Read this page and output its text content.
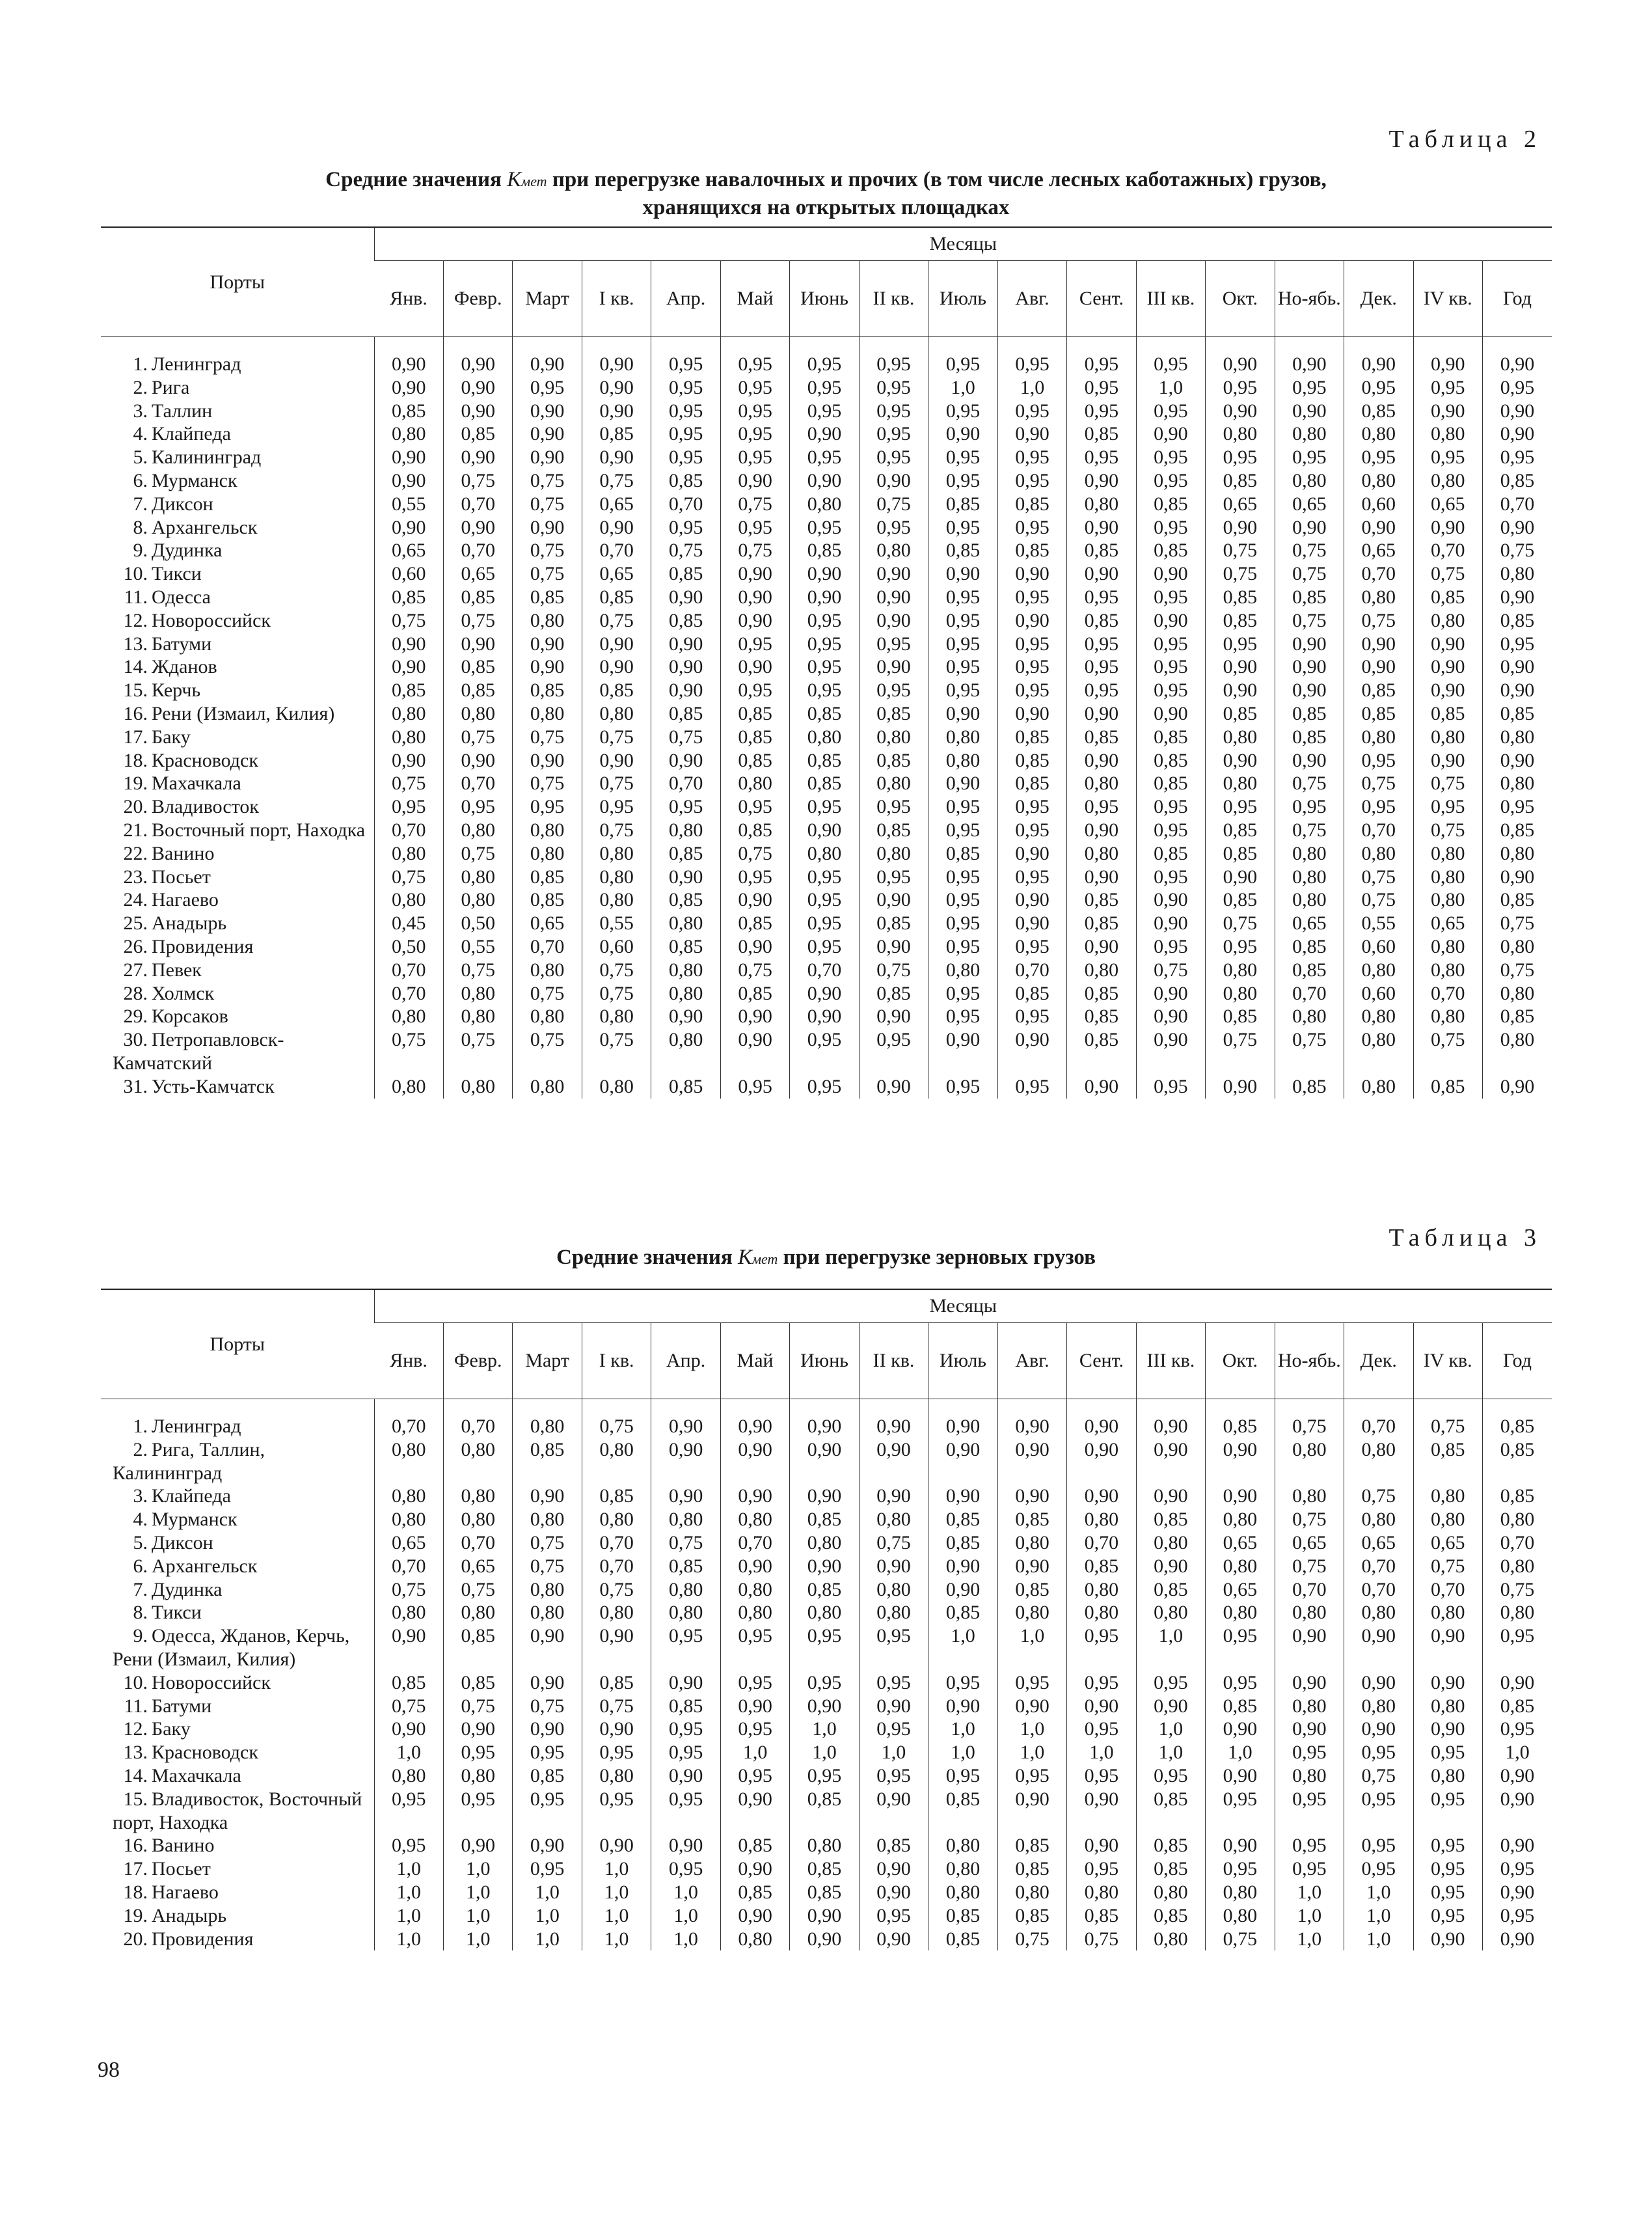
Таблица 2
Средние значения Kмет при перегрузке навалочных и прочих (в том числе лесных каботажных) грузов,
хранящихся на открытых площадках
Порты	Месяцы																
	Янв.	Февр.	Март	I кв.	Апр.	Май	Июнь	II кв.	Июль	Авг.	Сент.	III кв.	Окт.	Но-ябь.	Дек.	IV кв.	Год
1. Ленинград	0,90	0,90	0,90	0,90	0,95	0,95	0,95	0,95	0,95	0,95	0,95	0,95	0,90	0,90	0,90	0,90	0,90
2. Рига	0,90	0,90	0,95	0,90	0,95	0,95	0,95	0,95	1,0	1,0	0,95	1,0	0,95	0,95	0,95	0,95	0,95
3. Таллин	0,85	0,90	0,90	0,90	0,95	0,95	0,95	0,95	0,95	0,95	0,95	0,95	0,90	0,90	0,85	0,90	0,90
4. Клайпеда	0,80	0,85	0,90	0,85	0,95	0,95	0,90	0,95	0,90	0,90	0,85	0,90	0,80	0,80	0,80	0,80	0,90
5. Калининград	0,90	0,90	0,90	0,90	0,95	0,95	0,95	0,95	0,95	0,95	0,95	0,95	0,95	0,95	0,95	0,95	0,95
6. Мурманск	0,90	0,75	0,75	0,75	0,85	0,90	0,90	0,90	0,95	0,95	0,90	0,95	0,85	0,80	0,80	0,80	0,85
7. Диксон	0,55	0,70	0,75	0,65	0,70	0,75	0,80	0,75	0,85	0,85	0,80	0,85	0,65	0,65	0,60	0,65	0,70
8. Архангельск	0,90	0,90	0,90	0,90	0,95	0,95	0,95	0,95	0,95	0,95	0,90	0,95	0,90	0,90	0,90	0,90	0,90
9. Дудинка	0,65	0,70	0,75	0,70	0,75	0,75	0,85	0,80	0,85	0,85	0,85	0,85	0,75	0,75	0,65	0,70	0,75
10. Тикси	0,60	0,65	0,75	0,65	0,85	0,90	0,90	0,90	0,90	0,90	0,90	0,90	0,75	0,75	0,70	0,75	0,80
11. Одесса	0,85	0,85	0,85	0,85	0,90	0,90	0,90	0,90	0,95	0,95	0,95	0,95	0,85	0,85	0,80	0,85	0,90
12. Новороссийск	0,75	0,75	0,80	0,75	0,85	0,90	0,95	0,90	0,95	0,90	0,85	0,90	0,85	0,75	0,75	0,80	0,85
13. Батуми	0,90	0,90	0,90	0,90	0,90	0,95	0,95	0,95	0,95	0,95	0,95	0,95	0,95	0,90	0,90	0,90	0,95
14. Жданов	0,90	0,85	0,90	0,90	0,90	0,90	0,95	0,90	0,95	0,95	0,95	0,95	0,90	0,90	0,90	0,90	0,90
15. Керчь	0,85	0,85	0,85	0,85	0,90	0,95	0,95	0,95	0,95	0,95	0,95	0,95	0,90	0,90	0,85	0,90	0,90
16. Рени (Измаил, Килия)	0,80	0,80	0,80	0,80	0,85	0,85	0,85	0,85	0,90	0,90	0,90	0,90	0,85	0,85	0,85	0,85	0,85
17. Баку	0,80	0,75	0,75	0,75	0,75	0,85	0,80	0,80	0,80	0,85	0,85	0,85	0,80	0,85	0,80	0,80	0,80
18. Красноводск	0,90	0,90	0,90	0,90	0,90	0,85	0,85	0,85	0,80	0,85	0,90	0,85	0,90	0,90	0,95	0,90	0,90
19. Махачкала	0,75	0,70	0,75	0,75	0,70	0,80	0,85	0,80	0,90	0,85	0,80	0,85	0,80	0,75	0,75	0,75	0,80
20. Владивосток	0,95	0,95	0,95	0,95	0,95	0,95	0,95	0,95	0,95	0,95	0,95	0,95	0,95	0,95	0,95	0,95	0,95
21. Восточный порт, Находка	0,70	0,80	0,80	0,75	0,80	0,85	0,90	0,85	0,95	0,95	0,90	0,95	0,85	0,75	0,70	0,75	0,85
22. Ванино	0,80	0,75	0,80	0,80	0,85	0,75	0,80	0,80	0,85	0,90	0,80	0,85	0,85	0,80	0,80	0,80	0,80
23. Посьет	0,75	0,80	0,85	0,80	0,90	0,95	0,95	0,95	0,95	0,95	0,90	0,95	0,90	0,80	0,75	0,80	0,90
24. Нагаево	0,80	0,80	0,85	0,80	0,85	0,90	0,95	0,90	0,95	0,90	0,85	0,90	0,85	0,80	0,75	0,80	0,85
25. Анадырь	0,45	0,50	0,65	0,55	0,80	0,85	0,95	0,85	0,95	0,90	0,85	0,90	0,75	0,65	0,55	0,65	0,75
26. Провидения	0,50	0,55	0,70	0,60	0,85	0,90	0,95	0,90	0,95	0,95	0,90	0,95	0,95	0,85	0,60	0,80	0,80
27. Певек	0,70	0,75	0,80	0,75	0,80	0,75	0,70	0,75	0,80	0,70	0,80	0,75	0,80	0,85	0,80	0,80	0,75
28. Холмск	0,70	0,80	0,75	0,75	0,80	0,85	0,90	0,85	0,95	0,85	0,85	0,90	0,80	0,70	0,60	0,70	0,80
29. Корсаков	0,80	0,80	0,80	0,80	0,90	0,90	0,90	0,90	0,95	0,95	0,85	0,90	0,85	0,80	0,80	0,80	0,85
30. Петропавловск-Камчатский	0,75	0,75	0,75	0,75	0,80	0,90	0,95	0,95	0,90	0,90	0,85	0,90	0,75	0,75	0,80	0,75	0,80
31. Усть-Камчатск	0,80	0,80	0,80	0,80	0,85	0,95	0,95	0,90	0,95	0,95	0,90	0,95	0,90	0,85	0,80	0,85	0,90
Таблица 3
Средние значения Kмет при перегрузке зерновых грузов
Порты	Месяцы																
	Янв.	Февр.	Март	I кв.	Апр.	Май	Июнь	II кв.	Июль	Авг.	Сент.	III кв.	Окт.	Но-ябь.	Дек.	IV кв.	Год
1. Ленинград	0,70	0,70	0,80	0,75	0,90	0,90	0,90	0,90	0,90	0,90	0,90	0,90	0,85	0,75	0,70	0,75	0,85
2. Рига, Таллин, Калининград	0,80	0,80	0,85	0,80	0,90	0,90	0,90	0,90	0,90	0,90	0,90	0,90	0,90	0,80	0,80	0,85	0,85
3. Клайпеда	0,80	0,80	0,90	0,85	0,90	0,90	0,90	0,90	0,90	0,90	0,90	0,90	0,90	0,80	0,75	0,80	0,85
4. Мурманск	0,80	0,80	0,80	0,80	0,80	0,80	0,85	0,80	0,85	0,85	0,80	0,85	0,80	0,75	0,80	0,80	0,80
5. Диксон	0,65	0,70	0,75	0,70	0,75	0,70	0,80	0,75	0,85	0,80	0,70	0,80	0,65	0,65	0,65	0,65	0,70
6. Архангельск	0,70	0,65	0,75	0,70	0,85	0,90	0,90	0,90	0,90	0,90	0,85	0,90	0,80	0,75	0,70	0,75	0,80
7. Дудинка	0,75	0,75	0,80	0,75	0,80	0,80	0,85	0,80	0,90	0,85	0,80	0,85	0,65	0,70	0,70	0,70	0,75
8. Тикси	0,80	0,80	0,80	0,80	0,80	0,80	0,80	0,80	0,85	0,80	0,80	0,80	0,80	0,80	0,80	0,80	0,80
9. Одесса, Жданов, Керчь, Рени (Измаил, Килия)	0,90	0,85	0,90	0,90	0,95	0,95	0,95	0,95	1,0	1,0	0,95	1,0	0,95	0,90	0,90	0,90	0,95
10. Новороссийск	0,85	0,85	0,90	0,85	0,90	0,95	0,95	0,95	0,95	0,95	0,95	0,95	0,95	0,90	0,90	0,90	0,90
11. Батуми	0,75	0,75	0,75	0,75	0,85	0,90	0,90	0,90	0,90	0,90	0,90	0,90	0,85	0,80	0,80	0,80	0,85
12. Баку	0,90	0,90	0,90	0,90	0,95	0,95	1,0	0,95	1,0	1,0	0,95	1,0	0,90	0,90	0,90	0,90	0,95
13. Красноводск	1,0	0,95	0,95	0,95	0,95	1,0	1,0	1,0	1,0	1,0	1,0	1,0	1,0	0,95	0,95	0,95	1,0
14. Махачкала	0,80	0,80	0,85	0,80	0,90	0,95	0,95	0,95	0,95	0,95	0,95	0,95	0,90	0,80	0,75	0,80	0,90
15. Владивосток, Восточный порт, Находка	0,95	0,95	0,95	0,95	0,95	0,90	0,85	0,90	0,85	0,90	0,90	0,85	0,95	0,95	0,95	0,95	0,90
16. Ванино	0,95	0,90	0,90	0,90	0,90	0,85	0,80	0,85	0,80	0,85	0,90	0,85	0,90	0,95	0,95	0,95	0,90
17. Посьет	1,0	1,0	0,95	1,0	0,95	0,90	0,85	0,90	0,80	0,85	0,95	0,85	0,95	0,95	0,95	0,95	0,95
18. Нагаево	1,0	1,0	1,0	1,0	1,0	0,85	0,85	0,90	0,80	0,80	0,80	0,80	0,80	1,0	1,0	0,95	0,90
19. Анадырь	1,0	1,0	1,0	1,0	1,0	0,90	0,90	0,95	0,85	0,85	0,85	0,85	0,80	1,0	1,0	0,95	0,95
20. Провидения	1,0	1,0	1,0	1,0	1,0	0,80	0,90	0,90	0,85	0,75	0,75	0,80	0,75	1,0	1,0	0,90	0,90
98
